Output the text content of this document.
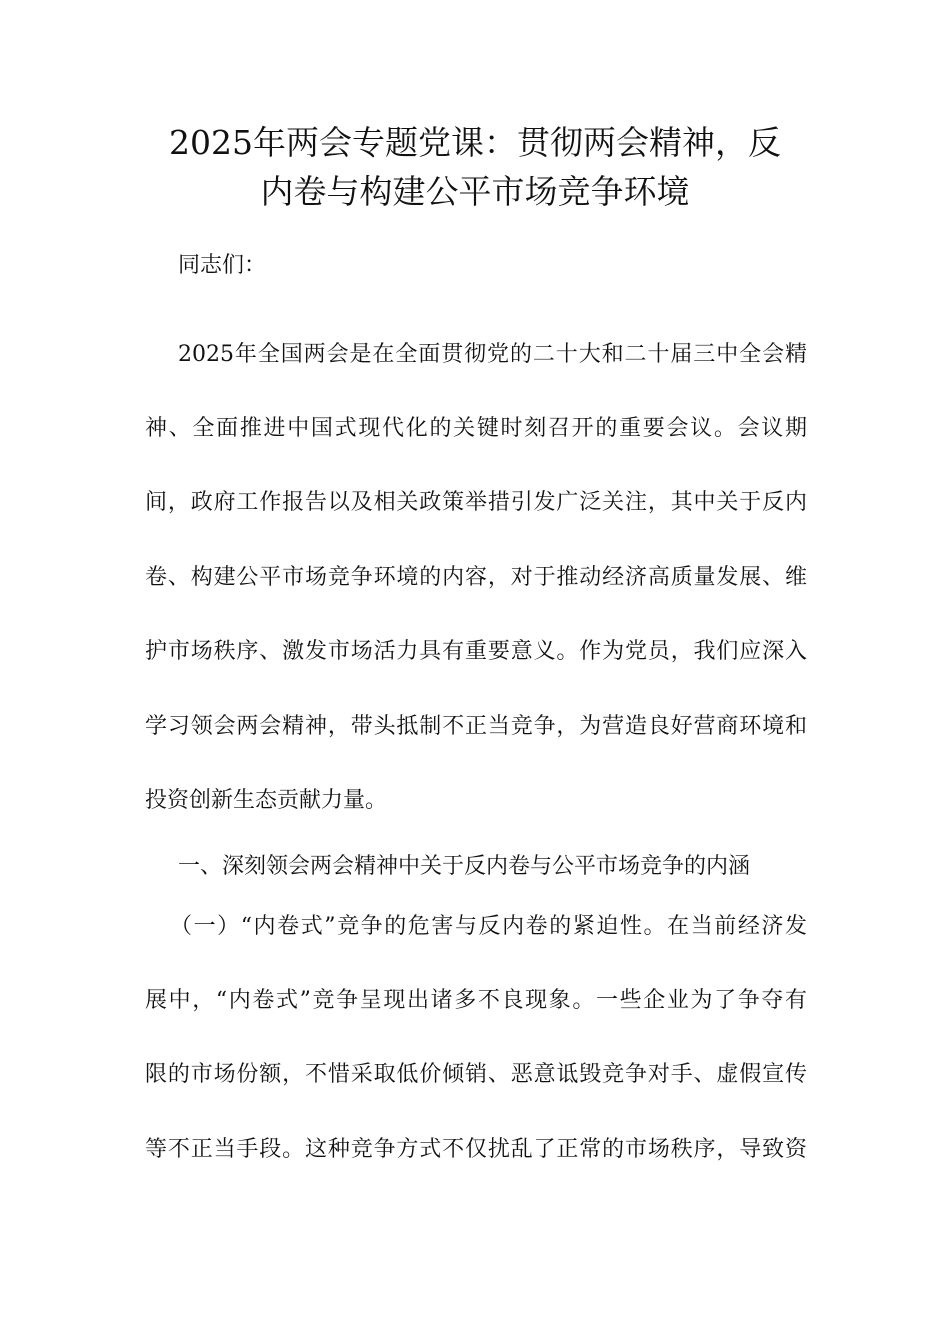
2025年两会专题党课：贯彻两会精神，反
内卷与构建公平市场竞争环境
同志们：
2025年全国两会是在全面贯彻党的二十大和二十届三中全会精
神、全面推进中国式现代化的关键时刻召开的重要会议。会议期
间，政府工作报告以及相关政策举措引发广泛关注，其中关于反内
卷、构建公平市场竞争环境的内容，对于推动经济高质量发展、维
护市场秩序、激发市场活力具有重要意义。作为党员，我们应深入
学习领会两会精神，带头抵制不正当竞争，为营造良好营商环境和
投资创新生态贡献力量。
一、深刻领会两会精神中关于反内卷与公平市场竞争的内涵
（一）“内卷式”竞争的危害与反内卷的紧迫性。在当前经济发
展中，“内卷式”竞争呈现出诸多不良现象。一些企业为了争夺有
限的市场份额，不惜采取低价倾销、恶意诋毁竞争对手、虚假宣传
等不正当手段。这种竞争方式不仅扰乱了正常的市场秩序，导致资
